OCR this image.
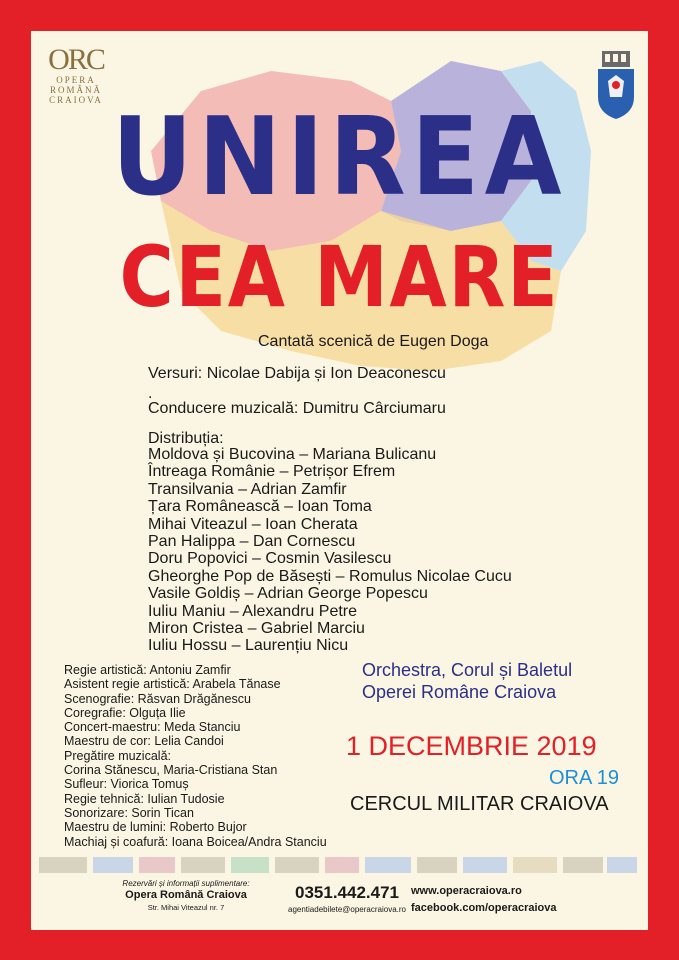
ORC
OPERA
ROMÂNĂ
CRAIOVA UNIREA
CEA MARE
Cantată scenică de Eugen Doga
Versuri: Nicolae Dabija și Ion Deaconescu
.
Conducere muzicală: Dumitru Cârciumaru
Distribuția:
Moldova și Bucovina – Mariana Bulicanu
Întreaga Românie – Petrișor Efrem
Transilvania – Adrian Zamfir
Țara Românească – Ioan Toma
Mihai Viteazul – Ioan Cherata
Pan Halippa – Dan Cornescu
Doru Popovici – Cosmin Vasilescu
Gheorghe Pop de Băsești – Romulus Nicolae Cucu
Vasile Goldiș – Adrian George Popescu
Iuliu Maniu – Alexandru Petre
Miron Cristea – Gabriel Marciu
Iuliu Hossu – Laurențiu Nicu
Regie artistică: Antoniu Zamfir
Asistent regie artistică: Arabela Tănase
Scenografie: Răsvan Drăgănescu
Coregrafie: Olguța Ilie
Concert-maestru: Meda Stanciu
Maestru de cor: Lelia Candoi
Pregătire muzicală:
Corina Stănescu, Maria-Cristiana Stan
Sufleur: Viorica Tomuș
Regie tehnică: Iulian Tudosie
Sonorizare: Sorin Tican
Maestru de lumini: Roberto Bujor
Machiaj și coafură: Ioana Boicea/Andra Stanciu
Orchestra, Corul și Baletul
Operei Române Craiova
1 DECEMBRIE 2019
ORA 19
CERCUL MILITAR CRAIOVA
Rezervări și informații suplimentare:
Opera Română Craiova
Str. Mihai Viteazul nr. 7
0351.442.471
agentiadebilete@operacraiova.ro
www.operacraiova.ro
facebook.com/operacraiova
